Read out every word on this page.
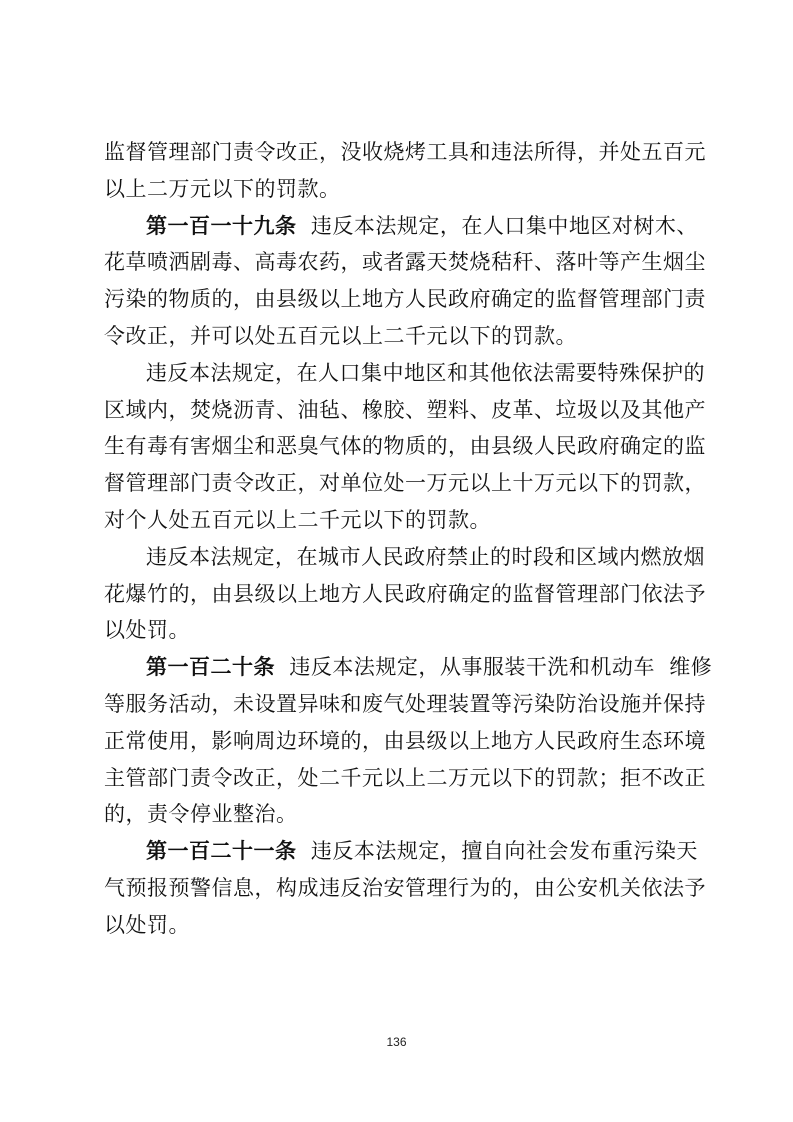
监督管理部门责令改正，没收烧烤工具和违法所得，并处五百元
以上二万元以下的罚款。
第一百一十九条 违反本法规定，在人口集中地区对树木、
花草喷洒剧毒、高毒农药，或者露天焚烧秸秆、落叶等产生烟尘
污染的物质的，由县级以上地方人民政府确定的监督管理部门责
令改正，并可以处五百元以上二千元以下的罚款。
违反本法规定，在人口集中地区和其他依法需要特殊保护的
区域内，焚烧沥青、油毡、橡胶、塑料、皮革、垃圾以及其他产
生有毒有害烟尘和恶臭气体的物质的，由县级人民政府确定的监
督管理部门责令改正，对单位处一万元以上十万元以下的罚款，
对个人处五百元以上二千元以下的罚款。
违反本法规定，在城市人民政府禁止的时段和区域内燃放烟
花爆竹的，由县级以上地方人民政府确定的监督管理部门依法予
以处罚。
第一百二十条 违反本法规定，从事服装干洗和机动车  维修
等服务活动，未设置异味和废气处理装置等污染防治设施并保持
正常使用，影响周边环境的，由县级以上地方人民政府生态环境
主管部门责令改正，处二千元以上二万元以下的罚款；拒不改正
的，责令停业整治。
第一百二十一条 违反本法规定，擅自向社会发布重污染天
气预报预警信息，构成违反治安管理行为的，由公安机关依法予
以处罚。
136
